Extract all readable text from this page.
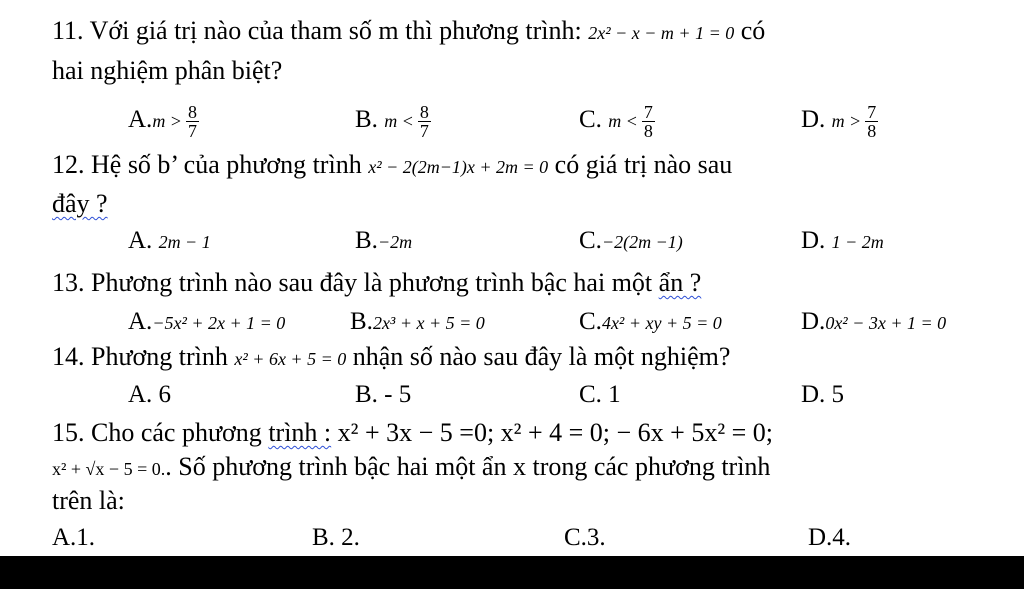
11. Với giá trị nào của tham số m thì phương trình: 2x² − x − m + 1 = 0 có
hai nghiệm phân biệt?
$A.m > \frac{8}{7}$	B. $m < \frac{8}{7}$	C. $m < \frac{7}{8}$	D. $m > \frac{7}{8}$
12. Hệ số b’ của phương trình x² − 2(2m−1)x + 2m = 0 có giá trị nào sau
đây ?
A. 2m − 1	B.−2m	C.−2(2m −1)	D. 1 − 2m
13. Phương trình nào sau đây là phương trình bậc hai một ẩn ?
A.−5x² + 2x + 1 = 0	B.2x³ + x + 5 = 0	C.4x² + xy + 5 = 0	D.0x² − 3x + 1 = 0
14. Phương trình x² + 6x + 5 = 0 nhận số nào sau đây là một nghiệm?
A. 6	B. - 5	C. 1	D. 5
15. Cho các phương trình : x² + 3x − 5 =0; x² + 4 = 0; − 6x + 5x² = 0;
x² + √x − 5 = 0.. Số phương trình bậc hai một ẩn x trong các phương trình
trên là:
A.1.	B. 2.	C.3.	D.4.
